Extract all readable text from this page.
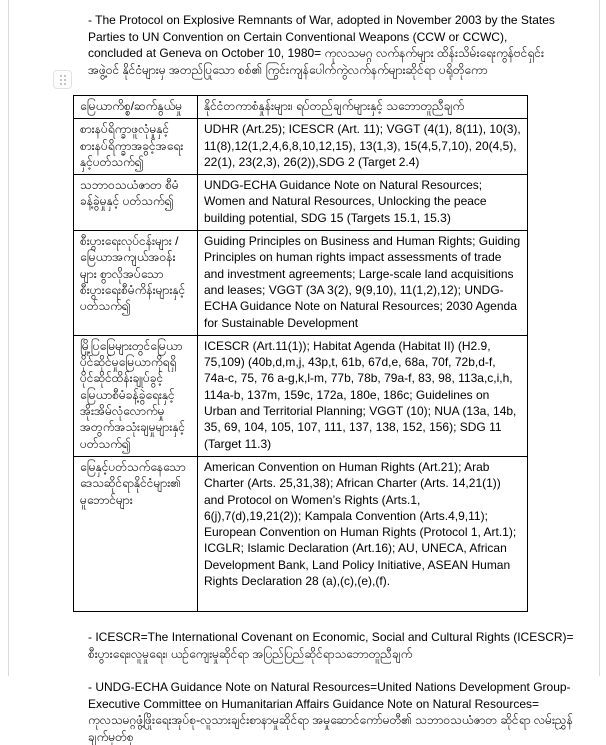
- The Protocol on Explosive Remnants of War, adopted in November 2003 by the States Parties to UN Convention on Certain Conventional Weapons (CCW or CCWC), concluded at Geneva on October 10, 1980= ကုလသမဂ္ဂ လက်နက်များ ထိန်းသိမ်းရေးကွန်ဗင်ရှင်း အဖွဲ့ဝင် နိုင်ငံများမှ အတည်ပြုသော စစ်၏ ကြွင်းကျန်ပေါက်ကွဲလက်နက်များဆိုင်ရာ ပရိုတိုကော

မြေယာကိစ္စ/ဆက်နွယ်မှု	နိုင်ငံတကာစံနှုန်းများ၊ ရပ်တည်ချက်များနှင့် သဘောတူညီချက်
စားနပ်ရိက္ခာဖူလုံမှုနှင့် စားနပ်ရိက္ခာအခွင့်အရေး နှင့်ပတ်သက်၍	UDHR (Art.25); ICESCR (Art. 11); VGGT (4(1), 8(11), 10(3), 11(8),12(1,2,4,6,8,10,12,15), 13(1,3), 15(4,5,7,10), 20(4,5), 22(1), 23(2,3), 26(2)),SDG 2 (Target 2.4)
သဘာဝသယံဇာတ စီမံခန့်ခွဲမှုနှင့် ပတ်သက်၍	UNDG-ECHA Guidance Note on Natural Resources; Women and Natural Resources, Unlocking the peace building potential, SDG 15 (Targets 15.1, 15.3)
စီးပွားရေးလုပ်ငန်းများ / မြေယာအကျယ်အဝန်းများ စွာလိုအပ်သောစီးပွားရေးစီမံကိန်းများနှင့် ပတ်သက်၍	Guiding Principles on Business and Human Rights; Guiding Principles on human rights impact assessments of trade and investment agreements; Large-scale land acquisitions and leases; VGGT (3A 3(2), 9(9,10), 11(1,2),12); UNDG-ECHA Guidance Note on Natural Resources; 2030 Agenda for Sustainable Development
မြို့ပြမြေများတွင်မြေယာပိုင်ဆိုင်မှုမြေယာကိုရရှိပိုင်ဆိုင်ထိန်းချုပ်ခွင့်မြေယာစီမံခန့်ခွဲရေးနှင့်အိုးအိမ်လုံလောက်မှုအတွက်အသုံးချမှုများနှင့်ပတ်သက်၍	ICESCR (Art.11(1)); Habitat Agenda (Habitat II) (H2.9, 75,109) (40b,d,m,j, 43p,t, 61b, 67d,e, 68a, 70f, 72b,d-f, 74a-c, 75, 76 a-g,k,l-m, 77b, 78b, 79a-f, 83, 98, 113a,c,i,h, 114a-b, 137m, 159c, 172a, 180e, 186c; Guidelines on Urban and Territorial Planning; VGGT (10); NUA (13a, 14b, 35, 69, 104, 105, 107, 111, 137, 138, 152, 156); SDG 11 (Target 11.3)
မြေနှင့်ပတ်သက်နေသော ဒေသဆိုင်ရာနိုင်ငံများ၏ မူဘောင်များ	American Convention on Human Rights (Art.21); Arab Charter (Arts. 25,31,38); African Charter (Arts. 14,21(1)) and Protocol on Women’s Rights (Arts.1, 6(j),7(d),19,21(2)); Kampala Convention (Arts.4,9,11); European Convention on Human Rights (Protocol 1, Art.1); ICGLR; Islamic Declaration (Art.16); AU, UNECA, African Development Bank, Land Policy Initiative, ASEAN Human Rights Declaration 28 (a),(c),(e),(f).

- ICESCR=The International Covenant on Economic, Social and Cultural Rights (ICESCR)= စီးပွားရေး၊လူမှုရေး၊ ယဉ်ကျေးမှုဆိုင်ရာ အပြည်ပြည်ဆိုင်ရာသဘောတူညီချက်

- UNDG-ECHA Guidance Note on Natural Resources=United Nations Development Group-Executive Committee on Humanitarian Affairs Guidance Note on Natural Resources= ကုလသမဂ္ဂဖွံ့ဖြိုးရေးအုပ်စု-လူသားချင်းစာနာမှုဆိုင်ရာ အမှုဆောင်ကော်မတီ၏ သဘာဝသယံဇာတ ဆိုင်ရာ လမ်းညွှန်ချက်မှတ်စု
